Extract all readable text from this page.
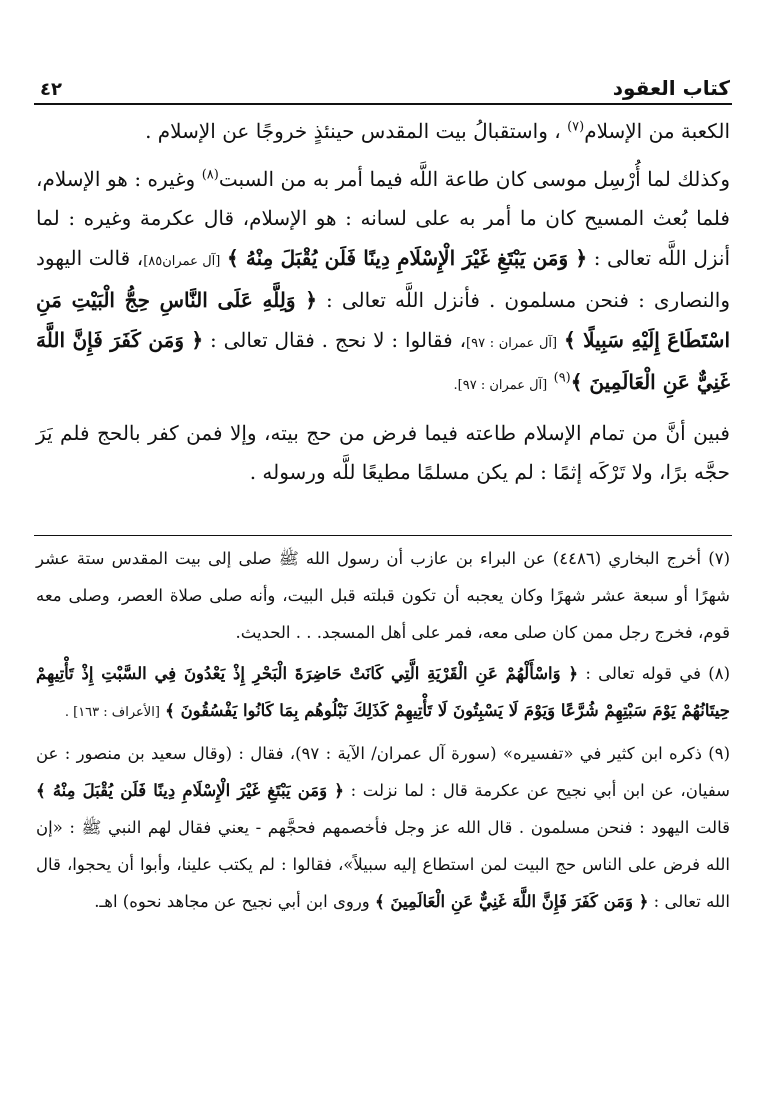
كتاب العقود
٤٢

الكعبة من الإسلام$^{(٧)}$ ، واستقبالُ بيت المقدس حينئذٍ خروجًا عن الإسلام .

وكذلك لما أُرْسِل موسى كان طاعة اللَّه فيما أمر به من السبت$^{(٨)}$ وغيره : هو الإسلام، فلما بُعث المسيح كان ما أمر به على لسانه : هو الإسلام، قال عكرمة وغيره : لما أنزل اللَّه تعالى : ﴿ وَمَن يَبْتَغِ غَيْرَ الْإِسْلَامِ دِينًا فَلَن يُقْبَلَ مِنْهُ ﴾ [آل عمران٨٥]، قالت اليهود والنصارى : فنحن مسلمون . فأنزل اللَّه تعالى : ﴿ وَلِلَّهِ عَلَى النَّاسِ حِجُّ الْبَيْتِ مَنِ اسْتَطَاعَ إِلَيْهِ سَبِيلًا ﴾ [آل عمران : ٩٧]، فقالوا : لا نحج . فقال تعالى : ﴿ وَمَن كَفَرَ فَإِنَّ اللَّهَ غَنِيٌّ عَنِ الْعَالَمِينَ ﴾$^{(٩)}$ [آل عمران : ٩٧].

فبين أنَّ من تمام الإسلام طاعته فيما فرض من حج بيته، وإلا فمن كفر بالحج فلم يَرَ حجَّه برًا، ولا تَرْكَه إثمًا : لم يكن مسلمًا مطيعًا للَّه ورسوله .

(٧) أخرج البخاري (٤٤٨٦) عن البراء بن عازب أن رسول الله ﷺ صلى إلى بيت المقدس ستة عشر شهرًا أو سبعة عشر شهرًا وكان يعجبه أن تكون قبلته قبل البيت، وأنه صلى صلاة العصر، وصلى معه قوم، فخرج رجل ممن كان صلى معه، فمر على أهل المسجد. . . الحديث.

(٨) في قوله تعالى : ﴿ وَاسْأَلْهُمْ عَنِ الْقَرْيَةِ الَّتِي كَانَتْ حَاضِرَةَ الْبَحْرِ إِذْ يَعْدُونَ فِي السَّبْتِ إِذْ تَأْتِيهِمْ حِيتَانُهُمْ يَوْمَ سَبْتِهِمْ شُرَّعًا وَيَوْمَ لَا يَسْبِتُونَ لَا تَأْتِيهِمْ كَذَلِكَ نَبْلُوهُم بِمَا كَانُوا يَفْسُقُونَ ﴾ [الأعراف : ١٦٣] .

(٩) ذكره ابن كثير في «تفسيره» (سورة آل عمران/ الآية : ٩٧)، فقال : (وقال سعيد بن منصور : عن سفيان، عن ابن أبي نجيح عن عكرمة قال : لما نزلت : ﴿ وَمَن يَبْتَغِ غَيْرَ الْإِسْلَامِ دِينًا فَلَن يُقْبَلَ مِنْهُ ﴾ قالت اليهود : فنحن مسلمون . قال الله عز وجل فأخصمهم فحجَّهم - يعني فقال لهم النبي ﷺ : «إن الله فرض على الناس حج البيت لمن استطاع إليه سبيلاً»، فقالوا : لم يكتب علينا، وأبوا أن يحجوا، قال الله تعالى : ﴿ وَمَن كَفَرَ فَإِنَّ اللَّهَ غَنِيٌّ عَنِ الْعَالَمِينَ ﴾ وروى ابن أبي نجيح عن مجاهد نحوه) اهـ.
